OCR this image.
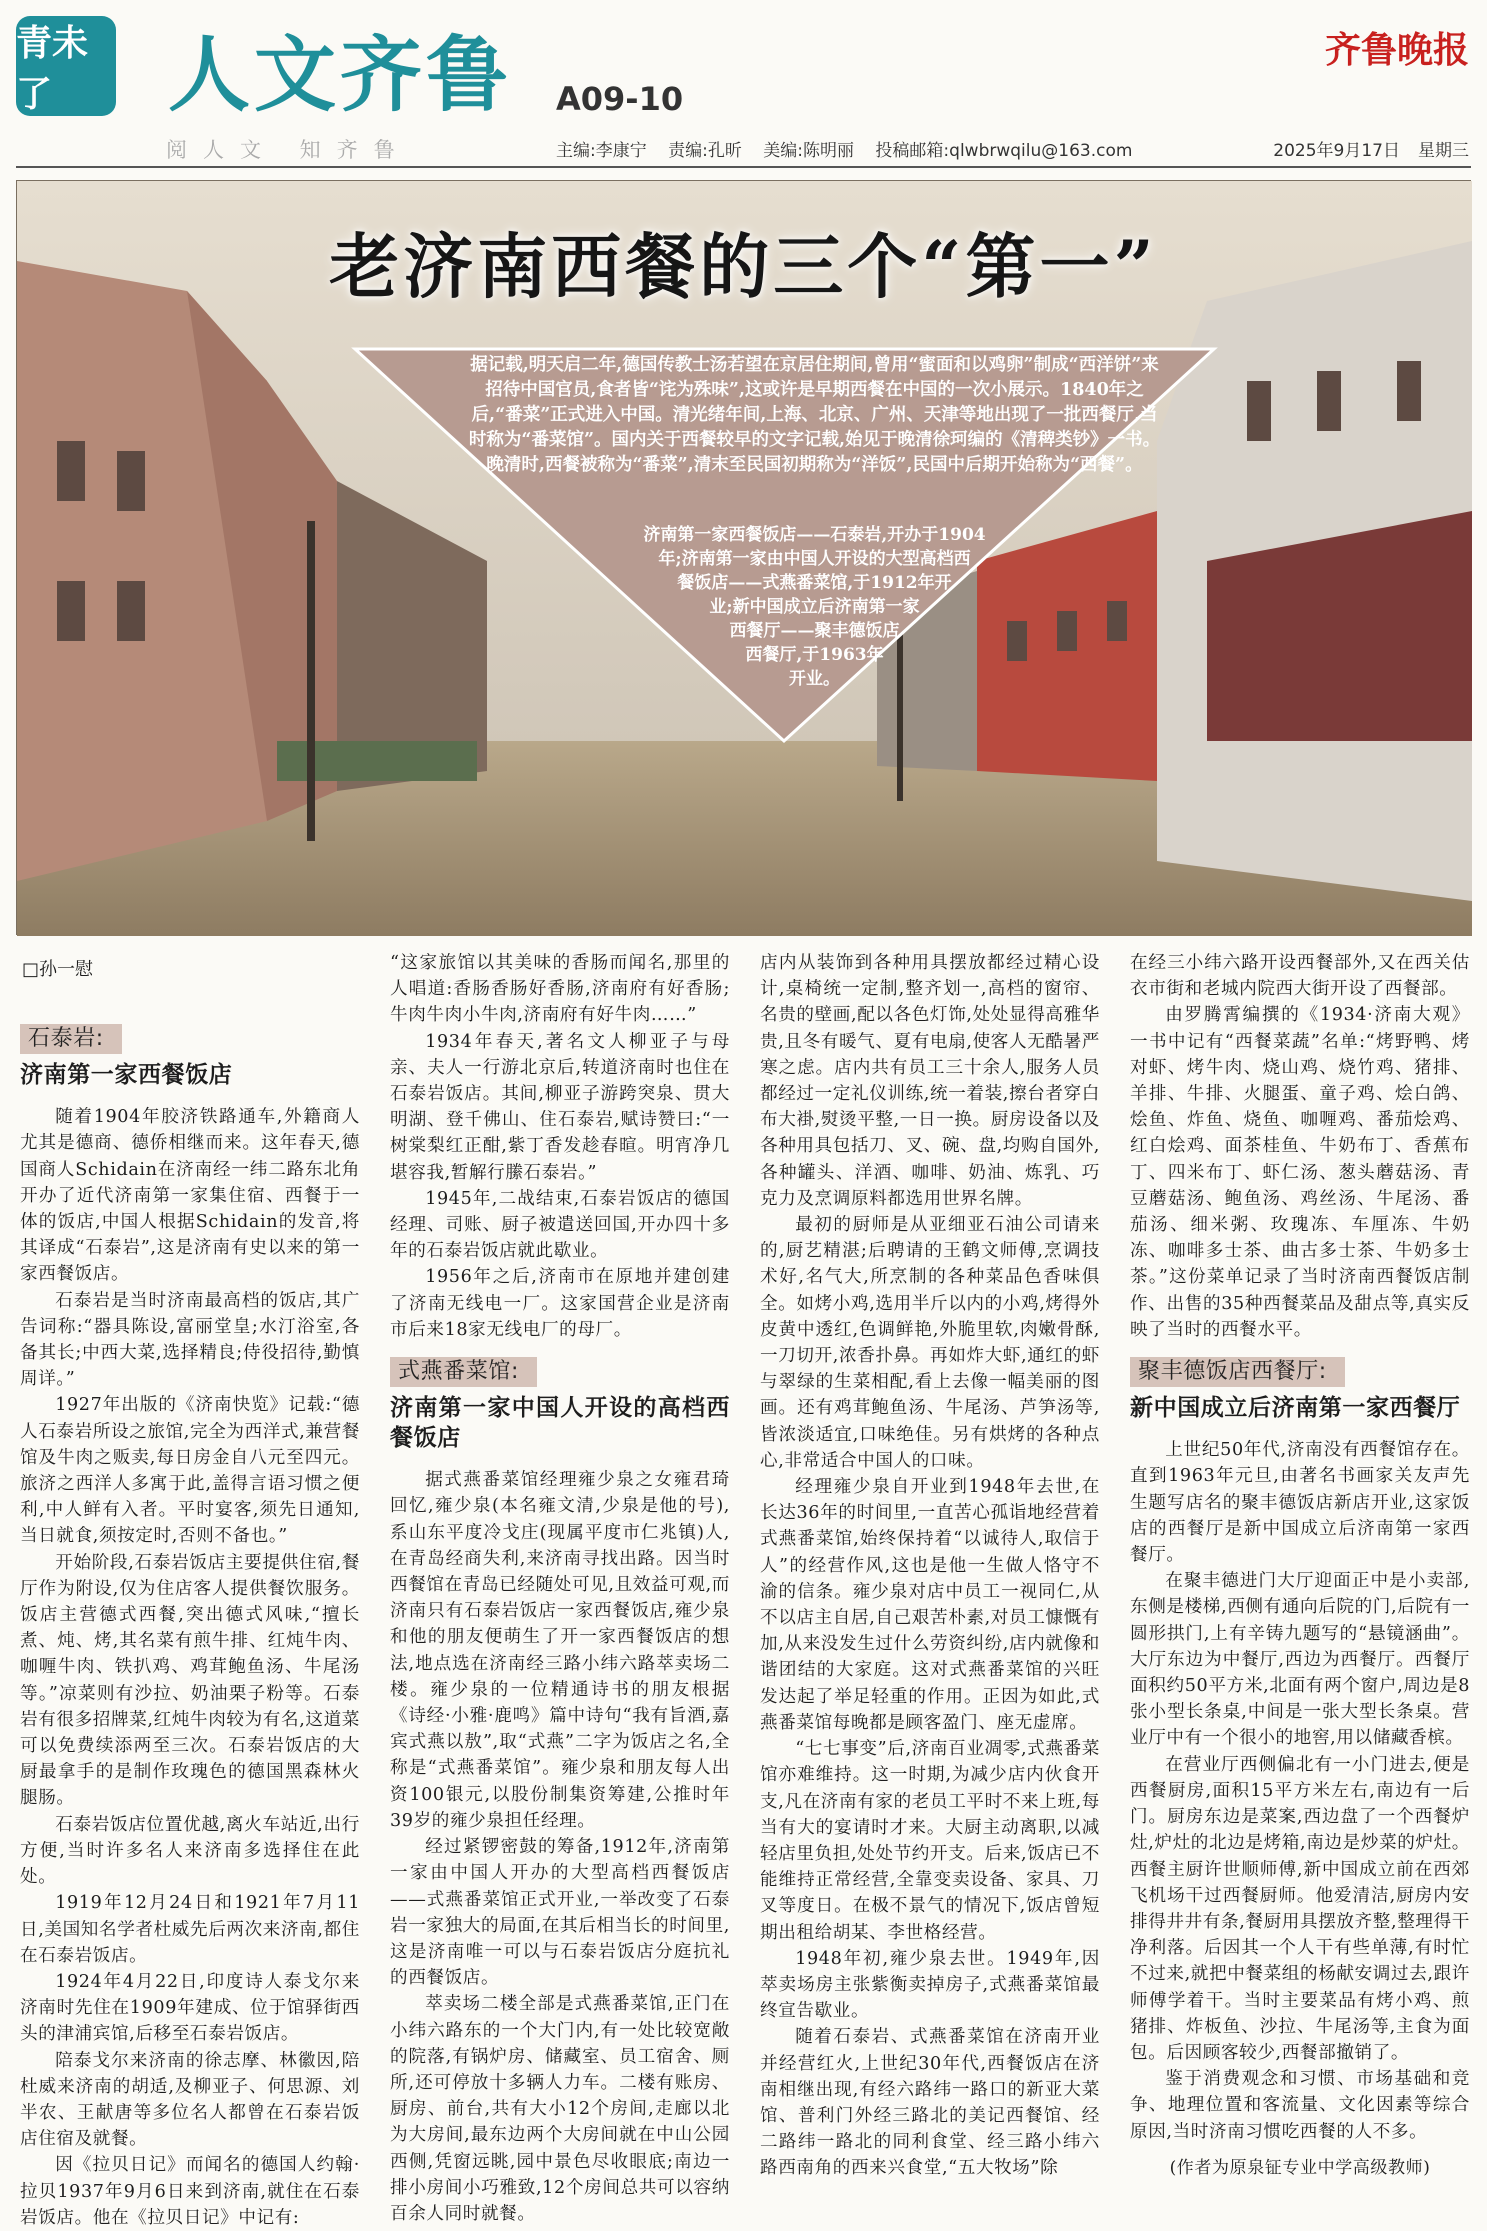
青未了	人文齐鲁 A09-10
齐鲁晚报
阅人文 知齐鲁	主编:李康宁 责编:孔昕 美编:陈明丽 投稿邮箱:qlwbrwqilu@163.com	2025年9月17日 星期三
老济南西餐的三个“第一”
据记载,明天启二年,德国传教士汤若望在京居住期间,曾用“蜜面和以鸡卵”制成“西洋饼”来招待中国官员,食者皆“诧为殊味”,这或许是早期西餐在中国的一次小展示。1840年之后,“番菜”正式进入中国。清光绪年间,上海、北京、广州、天津等地出现了一批西餐厅,当时称为“番菜馆”。国内关于西餐较早的文字记载,始见于晚清徐珂编的《清稗类钞》一书。晚清时,西餐被称为“番菜”,清末至民国初期称为“洋饭”,民国中后期开始称为“西餐”。

济南第一家西餐饭店——石泰岩,开办于1904

年;济南第一家由中国人开设的大型高档西

餐饭店——式燕番菜馆,于1912年开

业;新中国成立后济南第一家

西餐厅——聚丰德饭店

西餐厅,于1963年

开业。

□孙一慰
石泰岩:
济南第一家西餐饭店

随着1904年胶济铁路通车,外籍商人尤其是德商、德侨相继而来。这年春天,德国商人Schidain在济南经一纬二路东北角开办了近代济南第一家集住宿、西餐于一体的饭店,中国人根据Schidain的发音,将其译成“石泰岩”,这是济南有史以来的第一家西餐饭店。

石泰岩是当时济南最高档的饭店,其广告词称:“器具陈设,富丽堂皇;水汀浴室,各备其长;中西大菜,选择精良;侍役招待,勤慎周详。”

1927年出版的《济南快览》记载:“德人石泰岩所设之旅馆,完全为西洋式,兼营餐馆及牛肉之贩卖,每日房金自八元至四元。旅济之西洋人多寓于此,盖得言语习惯之便利,中人鲜有入者。平时宴客,须先日通知,当日就食,须按定时,否则不备也。”

开始阶段,石泰岩饭店主要提供住宿,餐厅作为附设,仅为住店客人提供餐饮服务。饭店主营德式西餐,突出德式风味,“擅长煮、炖、烤,其名菜有煎牛排、红炖牛肉、咖喱牛肉、铁扒鸡、鸡茸鲍鱼汤、牛尾汤等。”凉菜则有沙拉、奶油栗子粉等。石泰岩有很多招牌菜,红炖牛肉较为有名,这道菜可以免费续添两至三次。石泰岩饭店的大厨最拿手的是制作玫瑰色的德国黑森林火腿肠。

石泰岩饭店位置优越,离火车站近,出行方便,当时许多名人来济南多选择住在此处。

1919年12月24日和1921年7月11日,美国知名学者杜威先后两次来济南,都住在石泰岩饭店。

1924年4月22日,印度诗人泰戈尔来济南时先住在1909年建成、位于馆驿街西头的津浦宾馆,后移至石泰岩饭店。

陪泰戈尔来济南的徐志摩、林徽因,陪杜威来济南的胡适,及柳亚子、何思源、刘半农、王献唐等多位名人都曾在石泰岩饭店住宿及就餐。

因《拉贝日记》而闻名的德国人约翰·拉贝1937年9月6日来到济南,就住在石泰岩饭店。他在《拉贝日记》中记有:

“这家旅馆以其美味的香肠而闻名,那里的人唱道:香肠香肠好香肠,济南府有好香肠;牛肉牛肉小牛肉,济南府有好牛肉……”

1934年春天,著名文人柳亚子与母亲、夫人一行游北京后,转道济南时也住在石泰岩饭店。其间,柳亚子游跨突泉、贯大明湖、登千佛山、住石泰岩,赋诗赞曰:“一树棠梨红正酣,紫丁香发趁春暄。明宵净几堪容我,暂解行縢石泰岩。”

1945年,二战结束,石泰岩饭店的德国经理、司账、厨子被遣送回国,开办四十多年的石泰岩饭店就此歇业。

1956年之后,济南市在原地并建创建了济南无线电一厂。这家国营企业是济南市后来18家无线电厂的母厂。

式燕番菜馆:
济南第一家中国人开设的高档西餐饭店

据式燕番菜馆经理雍少泉之女雍君琦回忆,雍少泉(本名雍文清,少泉是他的号),系山东平度冷戈庄(现属平度市仁兆镇)人,在青岛经商失利,来济南寻找出路。因当时西餐馆在青岛已经随处可见,且效益可观,而济南只有石泰岩饭店一家西餐饭店,雍少泉和他的朋友便萌生了开一家西餐饭店的想法,地点选在济南经三路小纬六路萃卖场二楼。雍少泉的一位精通诗书的朋友根据《诗经·小雅·鹿鸣》篇中诗句“我有旨酒,嘉宾式燕以敖”,取“式燕”二字为饭店之名,全称是“式燕番菜馆”。雍少泉和朋友每人出资100银元,以股份制集资筹建,公推时年39岁的雍少泉担任经理。

经过紧锣密鼓的筹备,1912年,济南第一家由中国人开办的大型高档西餐饭店——式燕番菜馆正式开业,一举改变了石泰岩一家独大的局面,在其后相当长的时间里,这是济南唯一可以与石泰岩饭店分庭抗礼的西餐饭店。

萃卖场二楼全部是式燕番菜馆,正门在小纬六路东的一个大门内,有一处比较宽敞的院落,有锅炉房、储藏室、员工宿舍、厕所,还可停放十多辆人力车。二楼有账房、厨房、前台,共有大小12个房间,走廊以北为大房间,最东边两个大房间就在中山公园西侧,凭窗远眺,园中景色尽收眼底;南边一排小房间小巧雅致,12个房间总共可以容纳百余人同时就餐。

店内从装饰到各种用具摆放都经过精心设计,桌椅统一定制,整齐划一,高档的窗帘、名贵的壁画,配以各色灯饰,处处显得高雅华贵,且冬有暖气、夏有电扇,使客人无酷暑严寒之虑。店内共有员工三十余人,服务人员都经过一定礼仪训练,统一着装,擦台者穿白布大褂,熨烫平整,一日一换。厨房设备以及各种用具包括刀、叉、碗、盘,均购自国外,各种罐头、洋酒、咖啡、奶油、炼乳、巧克力及烹调原料都选用世界名牌。

最初的厨师是从亚细亚石油公司请来的,厨艺精湛;后聘请的王鹤文师傅,烹调技术好,名气大,所烹制的各种菜品色香味俱全。如烤小鸡,选用半斤以内的小鸡,烤得外皮黄中透红,色调鲜艳,外脆里软,肉嫩骨酥,一刀切开,浓香扑鼻。再如炸大虾,通红的虾与翠绿的生菜相配,看上去像一幅美丽的图画。还有鸡茸鲍鱼汤、牛尾汤、芦笋汤等,皆浓淡适宜,口味绝佳。另有烘烤的各种点心,非常适合中国人的口味。

经理雍少泉自开业到1948年去世,在长达36年的时间里,一直苦心孤诣地经营着式燕番菜馆,始终保持着“以诚待人,取信于人”的经营作风,这也是他一生做人恪守不渝的信条。雍少泉对店中员工一视同仁,从不以店主自居,自己艰苦朴素,对员工慷慨有加,从来没发生过什么劳资纠纷,店内就像和谐团结的大家庭。这对式燕番菜馆的兴旺发达起了举足轻重的作用。正因为如此,式燕番菜馆每晚都是顾客盈门、座无虚席。

“七七事变”后,济南百业凋零,式燕番菜馆亦难维持。这一时期,为减少店内伙食开支,凡在济南有家的老员工平时不来上班,每当有大的宴请时才来。大厨主动离职,以减轻店里负担,处处节约开支。后来,饭店已不能维持正常经营,全靠变卖设备、家具、刀叉等度日。在极不景气的情况下,饭店曾短期出租给胡某、李世格经营。

1948年初,雍少泉去世。1949年,因萃卖场房主张紫衡卖掉房子,式燕番菜馆最终宣告歇业。

随着石泰岩、式燕番菜馆在济南开业并经营红火,上世纪30年代,西餐饭店在济南相继出现,有经六路纬一路口的新亚大菜馆、普利门外经三路北的美记西餐馆、经二路纬一路北的同利食堂、经三路小纬六路西南角的西来兴食堂,“五大牧场”除

在经三小纬六路开设西餐部外,又在西关估衣市街和老城内院西大街开设了西餐部。

由罗腾霄编撰的《1934·济南大观》一书中记有“西餐菜蔬”名单:“烤野鸭、烤对虾、烤牛肉、烧山鸡、烧竹鸡、猪排、羊排、牛排、火腿蛋、童子鸡、烩白鸽、烩鱼、炸鱼、烧鱼、咖喱鸡、番茄烩鸡、红白烩鸡、面茶桂鱼、牛奶布丁、香蕉布丁、四米布丁、虾仁汤、葱头蘑菇汤、青豆蘑菇汤、鲍鱼汤、鸡丝汤、牛尾汤、番茄汤、细米粥、玫瑰冻、车厘冻、牛奶冻、咖啡多士茶、曲古多士茶、牛奶多士茶。”这份菜单记录了当时济南西餐饭店制作、出售的35种西餐菜品及甜点等,真实反映了当时的西餐水平。

聚丰德饭店西餐厅:
新中国成立后济南第一家西餐厅

上世纪50年代,济南没有西餐馆存在。直到1963年元旦,由著名书画家关友声先生题写店名的聚丰德饭店新店开业,这家饭店的西餐厅是新中国成立后济南第一家西餐厅。

在聚丰德进门大厅迎面正中是小卖部,东侧是楼梯,西侧有通向后院的门,后院有一圆形拱门,上有辛铸九题写的“悬镜涵曲”。大厅东边为中餐厅,西边为西餐厅。西餐厅面积约50平方米,北面有两个窗户,周边是8张小型长条桌,中间是一张大型长条桌。营业厅中有一个很小的地窖,用以储藏香槟。

在营业厅西侧偏北有一小门进去,便是西餐厨房,面积15平方米左右,南边有一后门。厨房东边是菜案,西边盘了一个西餐炉灶,炉灶的北边是烤箱,南边是炒菜的炉灶。西餐主厨许世顺师傅,新中国成立前在西郊飞机场干过西餐厨师。他爱清洁,厨房内安排得井井有条,餐厨用具摆放齐整,整理得干净利落。后因其一个人干有些单薄,有时忙不过来,就把中餐菜组的杨献安调过去,跟许师傅学着干。当时主要菜品有烤小鸡、煎猪排、炸板鱼、沙拉、牛尾汤等,主食为面包。后因顾客较少,西餐部撤销了。

鉴于消费观念和习惯、市场基础和竞争、地理位置和客流量、文化因素等综合原因,当时济南习惯吃西餐的人不多。

(作者为原泉钲专业中学高级教师)
